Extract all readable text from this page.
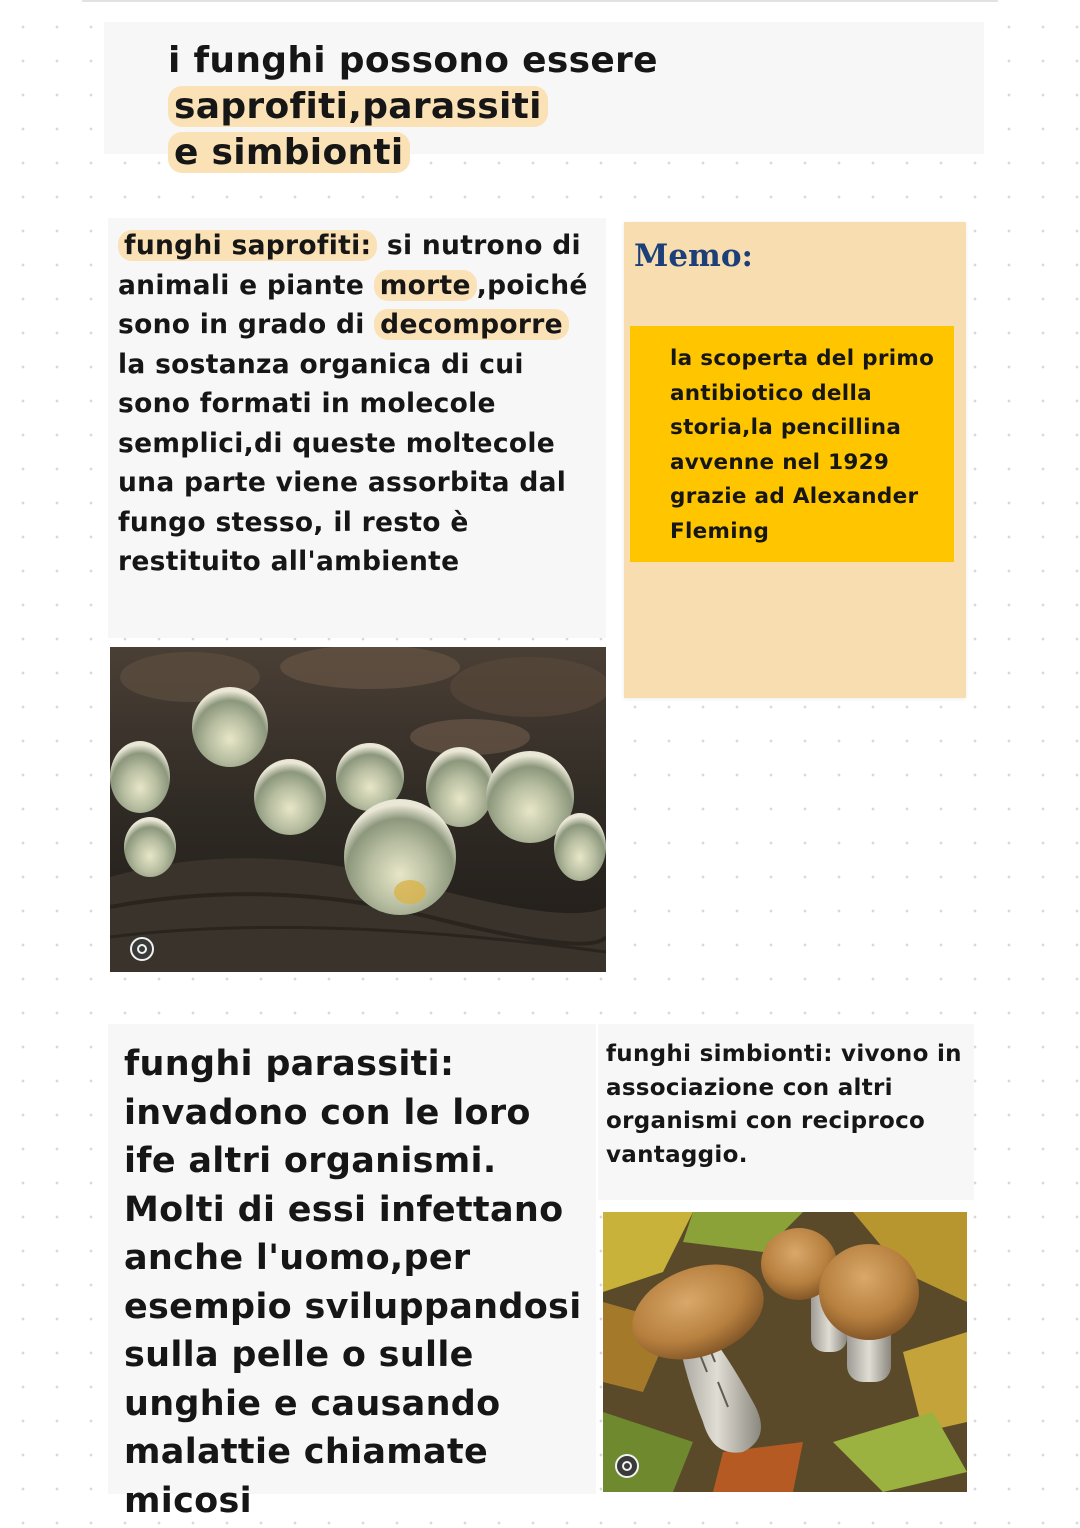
i funghi possono essere saprofiti,parassiti
e simbionti
funghi saprofiti: si nutrono di animali e piante morte ,poiché sono in grado di decomporre la sostanza organica di cui sono formati in molecole semplici,di queste moltecole una parte viene assorbita dal fungo stesso, il resto è restituito all'ambiente
Memo:
la scoperta del primo antibiotico della storia,la pencillina avvenne nel 1929 grazie ad Alexander Fleming
funghi parassiti: invadono con le loro ife altri organismi. Molti di essi infettano anche l'uomo,per esempio sviluppandosi sulla pelle o sulle unghie e causando malattie chiamate micosi
funghi simbionti: vivono in associazione con altri organismi con reciproco vantaggio.
